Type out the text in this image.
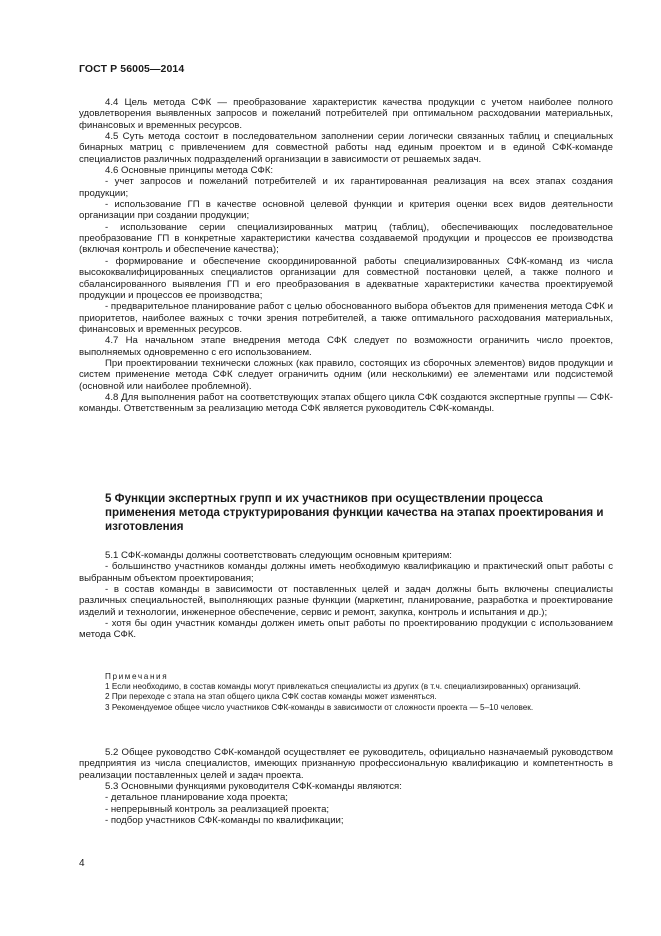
ГОСТ Р 56005—2014

4.4 Цель метода СФК — преобразование характеристик качества продукции с учетом наиболее полного удовлетворения выявленных запросов и пожеланий потребителей при оптимальном расходовании материальных, финансовых и временных ресурсов.

4.5 Суть метода состоит в последовательном заполнении серии логически связанных таблиц и специальных бинарных матриц с привлечением для совместной работы над единым проектом и в единой СФК-команде специалистов различных подразделений организации в зависимости от решаемых задач.

4.6 Основные принципы метода СФК:

- учет запросов и пожеланий потребителей и их гарантированная реализация на всех этапах создания продукции;

- использование ГП в качестве основной целевой функции и критерия оценки всех видов деятельности организации при создании продукции;

- использование серии специализированных матриц (таблиц), обеспечивающих последовательное преобразование ГП в конкретные характеристики качества создаваемой продукции и процессов ее производства (включая контроль и обеспечение качества);

- формирование и обеспечение скоординированной работы специализированных СФК-команд из числа высококвалифицированных специалистов организации для совместной постановки целей, а также полного и сбалансированного выявления ГП и его преобразования в адекватные характеристики качества проектируемой продукции и процессов ее производства;

- предварительное планирование работ с целью обоснованного выбора объектов для применения метода СФК и приоритетов, наиболее важных с точки зрения потребителей, а также оптимального расходования материальных, финансовых и временных ресурсов.

4.7 На начальном этапе внедрения метода СФК следует по возможности ограничить число проектов, выполняемых одновременно с его использованием.

При проектировании технически сложных (как правило, состоящих из сборочных элементов) видов продукции и систем применение метода СФК следует ограничить одним (или несколькими) ее элементами или подсистемой (основной или наиболее проблемной).

4.8 Для выполнения работ на соответствующих этапах общего цикла СФК создаются экспертные группы — СФК-команды. Ответственным за реализацию метода СФК является руководитель СФК-команды.

5 Функции экспертных групп и их участников при осуществлении процесса применения метода структурирования функции качества на этапах проектирования и изготовления

5.1 СФК-команды должны соответствовать следующим основным критериям:

- большинство участников команды должны иметь необходимую квалификацию и практический опыт работы с выбранным объектом проектирования;

- в состав команды в зависимости от поставленных целей и задач должны быть включены специалисты различных специальностей, выполняющих разные функции (маркетинг, планирование, разработка и проектирование изделий и технологии, инженерное обеспечение, сервис и ремонт, закупка, контроль и испытания и др.);

- хотя бы один участник команды должен иметь опыт работы по проектированию продукции с использованием метода СФК.

Примечания

1 Если необходимо, в состав команды могут привлекаться специалисты из других (в т.ч. специализированных) организаций.

2 При переходе с этапа на этап общего цикла СФК состав команды может изменяться.

3 Рекомендуемое общее число участников СФК-команды в зависимости от сложности проекта — 5–10 человек.

5.2 Общее руководство СФК-командой осуществляет ее руководитель, официально назначаемый руководством предприятия из числа специалистов, имеющих признанную профессиональную квалификацию и компетентность в реализации поставленных целей и задач проекта.

5.3 Основными функциями руководителя СФК-команды являются:

- детальное планирование хода проекта;

- непрерывный контроль за реализацией проекта;

- подбор участников СФК-команды по квалификации;

4
